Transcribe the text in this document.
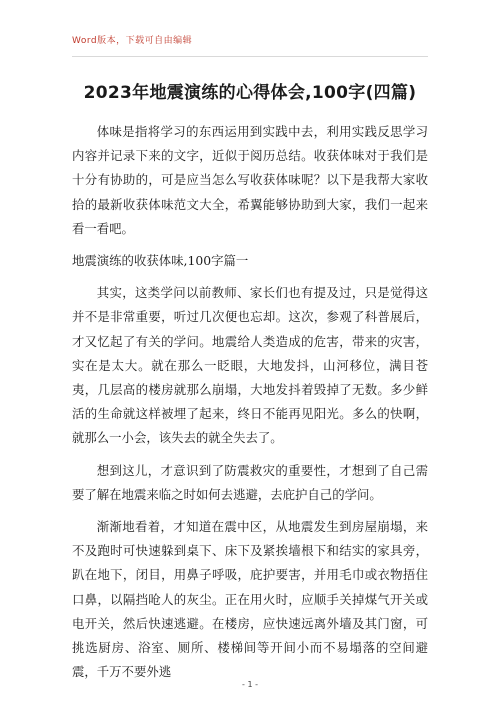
Word版本，下载可自由编辑
2023年地震演练的心得体会,100字(四篇)

体味是指将学习的东西运用到实践中去，利用实践反思学习内容并记录下来的文字，近似于阅历总结。收获体味对于我们是十分有协助的，可是应当怎么写收获体味呢？以下是我帮大家收拾的最新收获体味范文大全，希翼能够协助到大家，我们一起来看一看吧。

地震演练的收获体味,100字篇一

其实，这类学问以前教师、家长们也有提及过，只是觉得这并不是非常重要，听过几次便也忘却。这次，参观了科普展后，才又忆起了有关的学问。地震给人类造成的危害，带来的灾害，实在是太大。就在那么一眨眼，大地发抖，山河移位，满目苍夷，几层高的楼房就那么崩塌，大地发抖着毁掉了无数。多少鲜活的生命就这样被埋了起来，终日不能再见阳光。多么的快啊，就那么一小会，该失去的就全失去了。

想到这儿，才意识到了防震救灾的重要性，才想到了自己需要了解在地震来临之时如何去逃避，去庇护自己的学问。

渐渐地看着，才知道在震中区，从地震发生到房屋崩塌，来不及跑时可快速躲到桌下、床下及紧挨墙根下和结实的家具旁，趴在地下，闭目，用鼻子呼吸，庇护要害，并用毛巾或衣物捂住口鼻，以隔挡呛人的灰尘。正在用火时，应顺手关掉煤气开关或电开关，然后快速逃避。在楼房，应快速远离外墙及其门窗，可挑选厨房、浴室、厕所、楼梯间等开间小而不易塌落的空间避震，千万不要外逃

- 1 -
